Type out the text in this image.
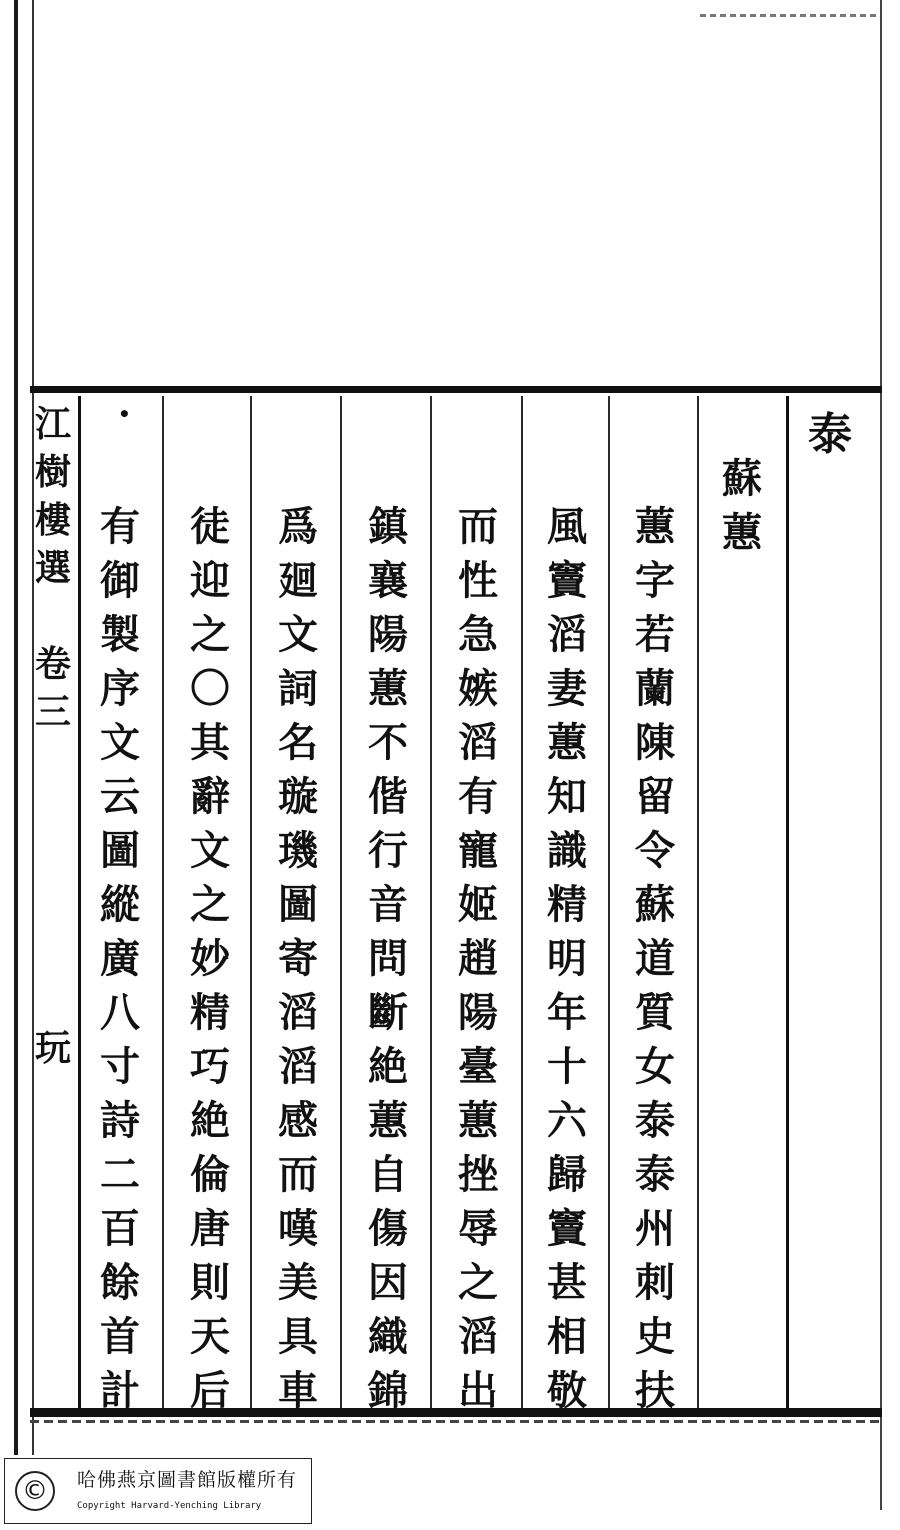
泰
江
樹
樓
選

卷
三

玩
•
蘇
蕙
蕙
字
若
蘭
陳
留
令
蘇
道
質
女
泰
泰
州
刺
史
扶
風
竇
滔
妻
蕙
知
識
精
明
年
十
六
歸
竇
甚
相
敬
而
性
急
嫉
滔
有
寵
姬
趙
陽
臺
蕙
挫
辱
之
滔
出
鎮
襄
陽
蕙
不
偕
行
音
問
斷
絶
蕙
自
傷
因
織
錦
爲
廻
文
詞
名
璇
璣
圖
寄
滔
滔
感
而
嘆
美
具
車
徒
迎
之
〇
其
辭
文
之
妙
精
巧
絶
倫
唐
則
天
后
有
御
製
序
文
云
圖
縱
廣
八
寸
詩
二
百
餘
首
計
©	哈佛燕京圖書館版權所有
Copyright Harvard-Yenching Library
